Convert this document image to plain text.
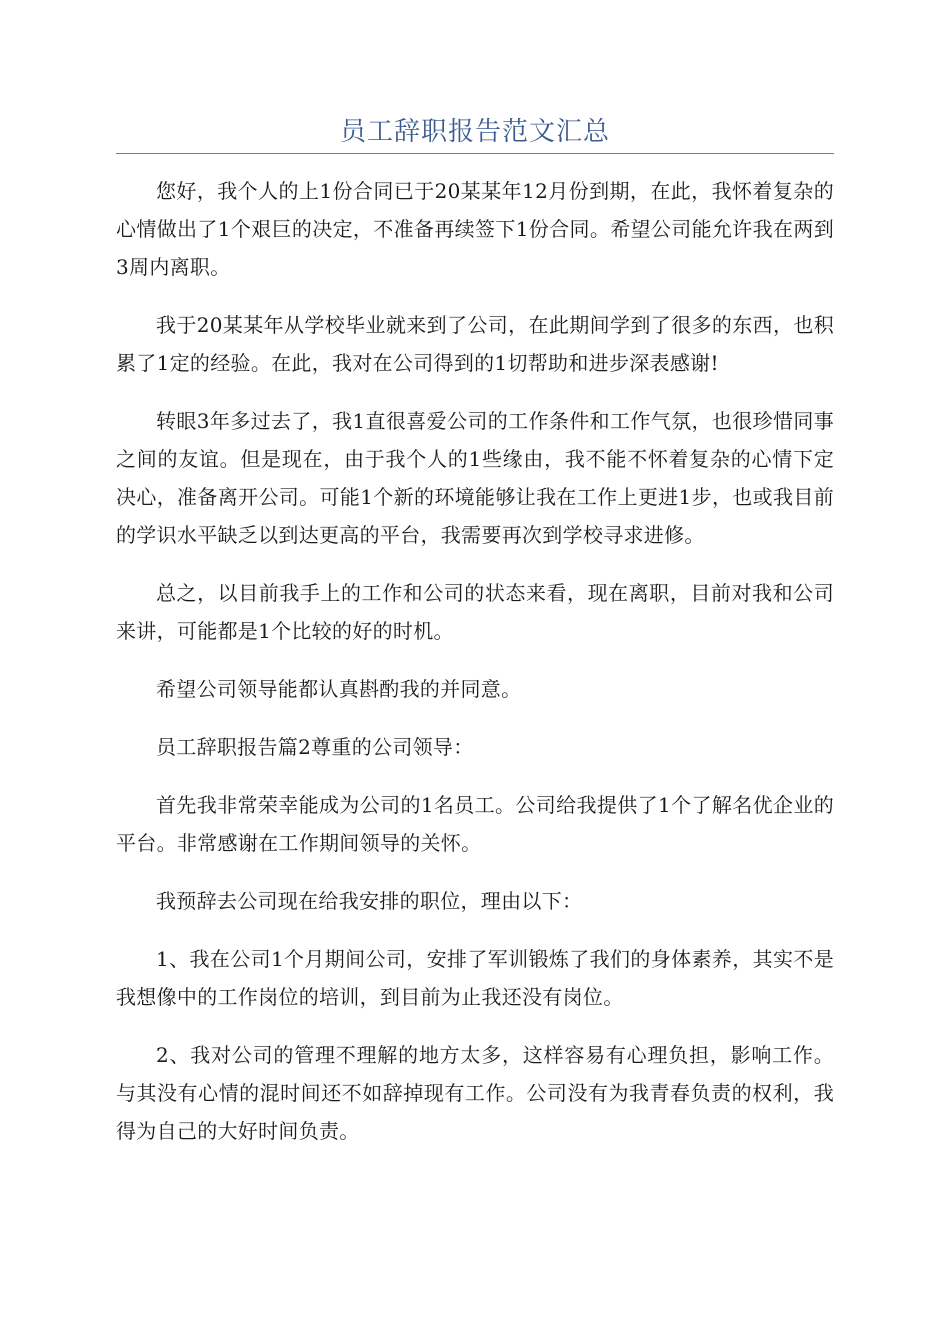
员工辞职报告范文汇总

您好，我个人的上1份合同已于20某某年12月份到期，在此，我怀着复杂的心情做出了1个艰巨的决定，不准备再续签下1份合同。希望公司能允许我在两到3周内离职。

我于20某某年从学校毕业就来到了公司，在此期间学到了很多的东西，也积累了1定的经验。在此，我对在公司得到的1切帮助和进步深表感谢!

转眼3年多过去了，我1直很喜爱公司的工作条件和工作气氛，也很珍惜同事之间的友谊。但是现在，由于我个人的1些缘由，我不能不怀着复杂的心情下定决心，准备离开公司。可能1个新的环境能够让我在工作上更进1步，也或我目前的学识水平缺乏以到达更高的平台，我需要再次到学校寻求进修。

总之，以目前我手上的工作和公司的状态来看，现在离职，目前对我和公司来讲，可能都是1个比较的好的时机。

希望公司领导能都认真斟酌我的并同意。

员工辞职报告篇2尊重的公司领导：

首先我非常荣幸能成为公司的1名员工。公司给我提供了1个了解名优企业的平台。非常感谢在工作期间领导的关怀。

我预辞去公司现在给我安排的职位，理由以下：

1、我在公司1个月期间公司，安排了军训锻炼了我们的身体素养，其实不是我想像中的工作岗位的培训，到目前为止我还没有岗位。

2、我对公司的管理不理解的地方太多，这样容易有心理负担，影响工作。与其没有心情的混时间还不如辞掉现有工作。公司没有为我青春负责的权利，我得为自己的大好时间负责。
